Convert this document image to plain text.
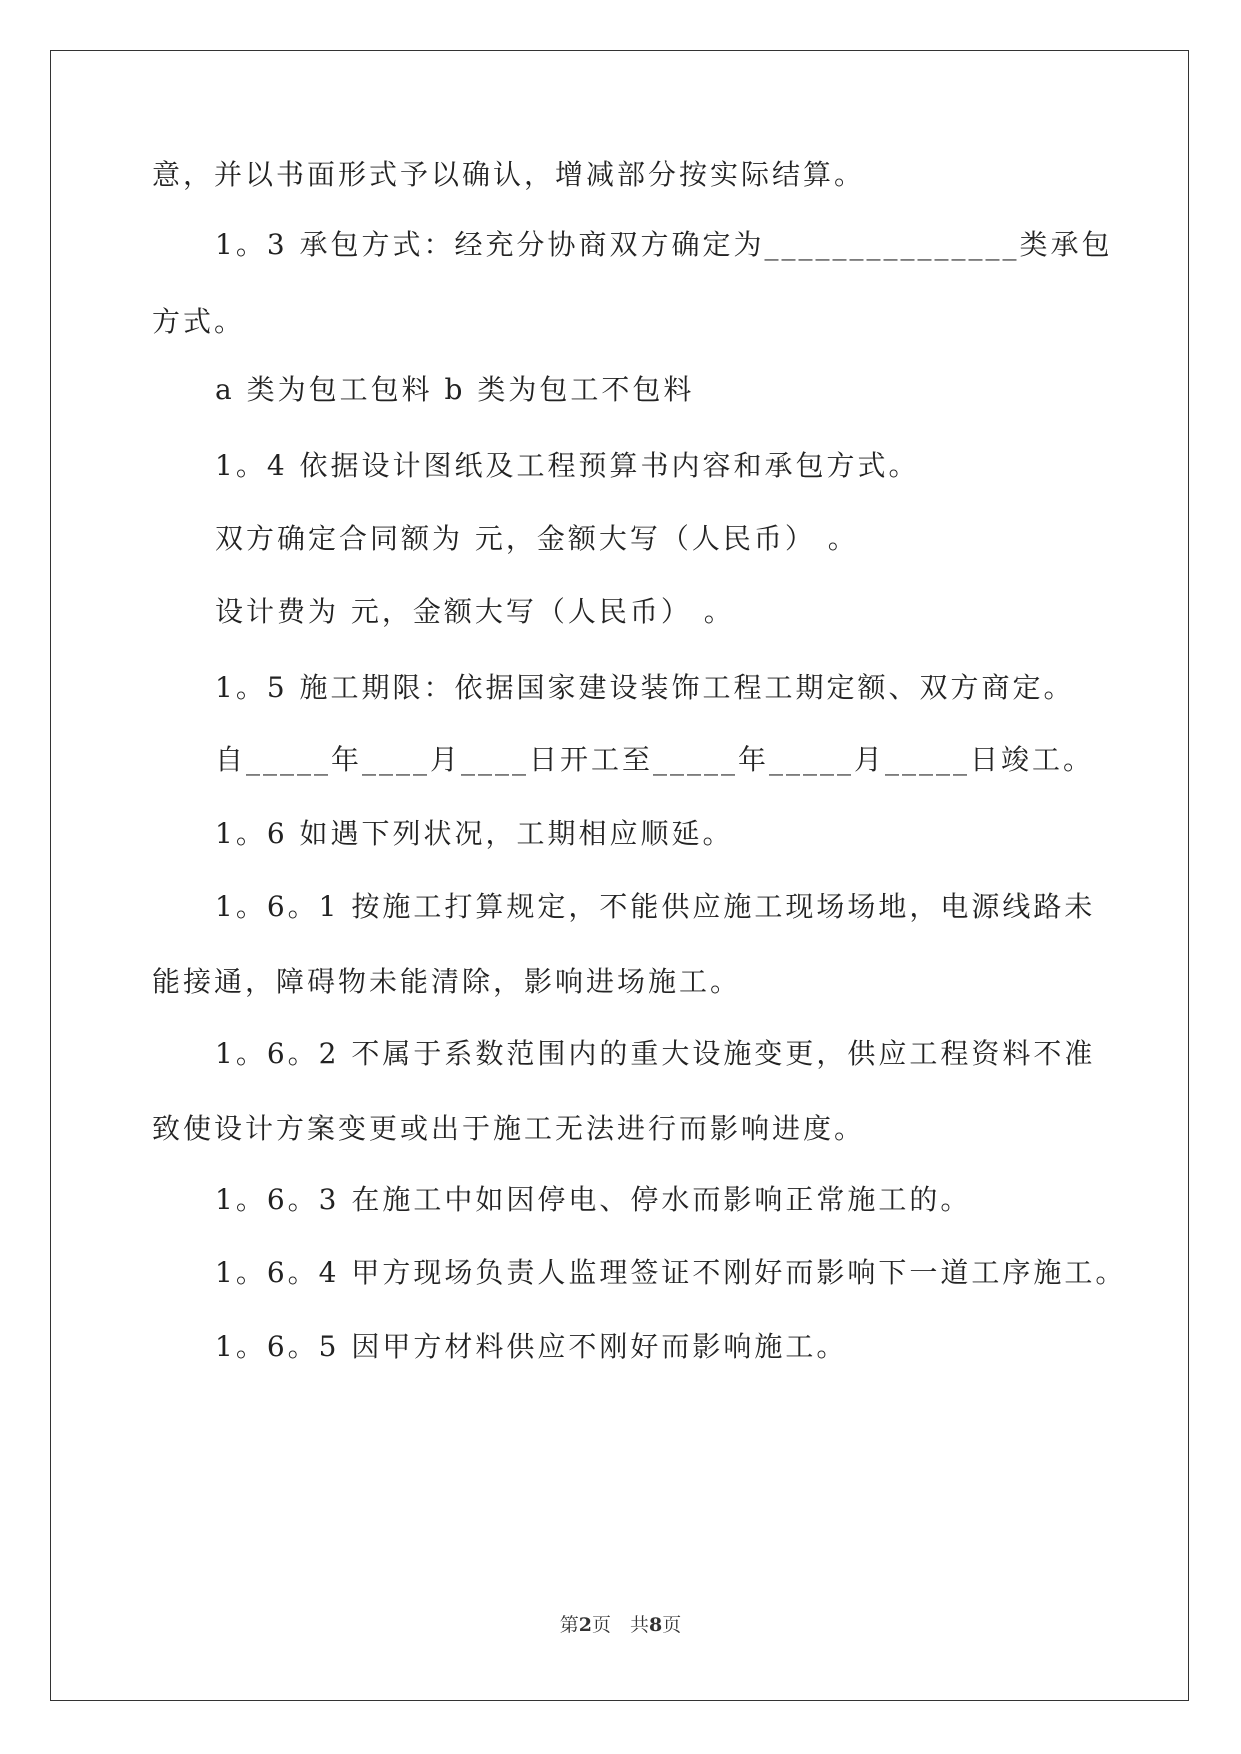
意，并以书面形式予以确认，增减部分按实际结算。
1。3 承包方式：经充分协商双方确定为_______________类承包
方式。
a 类为包工包料 b 类为包工不包料
1。4 依据设计图纸及工程预算书内容和承包方式。
双方确定合同额为 元，金额大写（人民币） 。
设计费为 元，金额大写（人民币） 。
1。5 施工期限：依据国家建设装饰工程工期定额、双方商定。
自_____年____月____日开工至_____年_____月_____日竣工。
1。6 如遇下列状况，工期相应顺延。
1。6。1 按施工打算规定，不能供应施工现场场地，电源线路未
能接通，障碍物未能清除，影响进场施工。
1。6。2 不属于系数范围内的重大设施变更，供应工程资料不准
致使设计方案变更或出于施工无法进行而影响进度。
1。6。3 在施工中如因停电、停水而影响正常施工的。
1。6。4 甲方现场负责人监理签证不刚好而影响下一道工序施工。
1。6。5 因甲方材料供应不刚好而影响施工。
第2页　共8页
